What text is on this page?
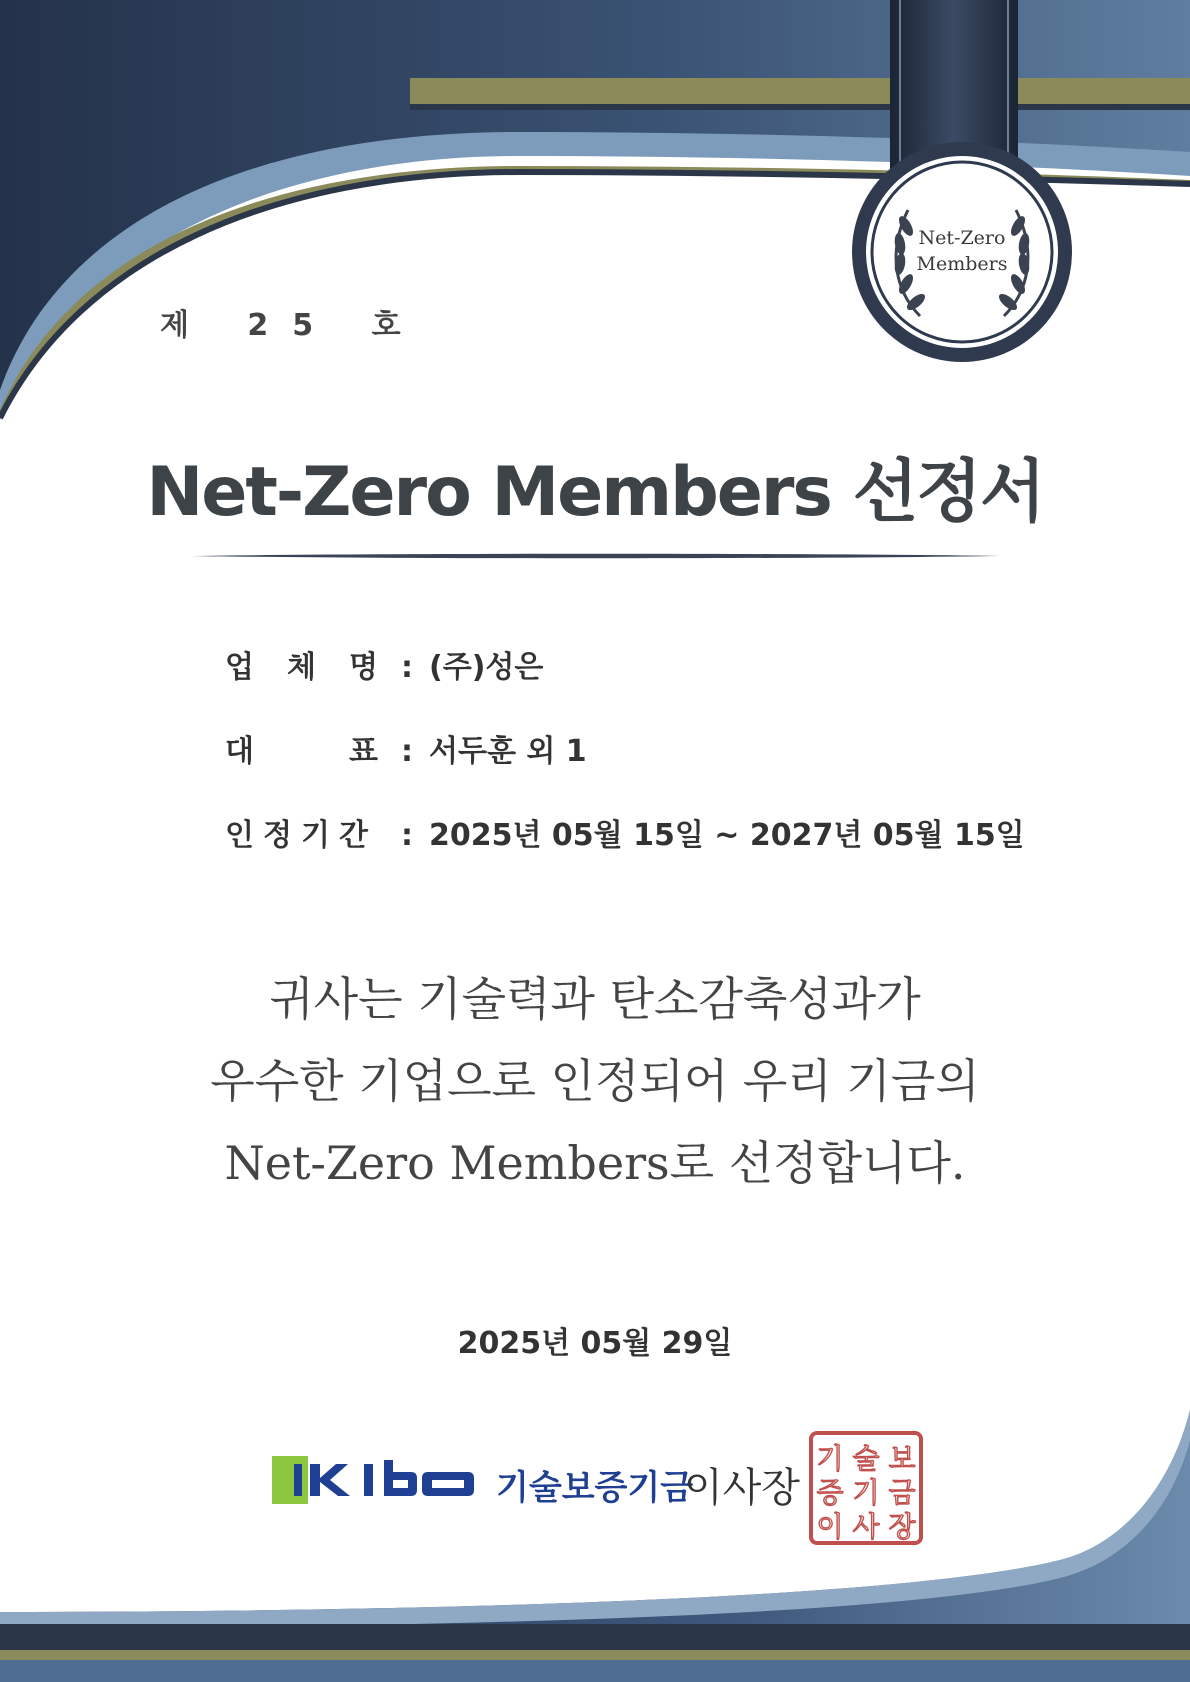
Net-Zero
Members
제 25 호
Net-Zero Members 선정서
업 체 명 : (주)성은
대	표 : 서두훈 외 1
인 정 기 간 : 2025년 05월 15일 ~ 2027년 05월 15일
귀사는 기술력과 탄소감축성과가
우수한 기업으로 인정되어 우리 기금의
Net-Zero Members로 선정합니다.
2025년 05월 29일
기술보증기금
이사장
기 술 보
증 기 금
이 사 장
